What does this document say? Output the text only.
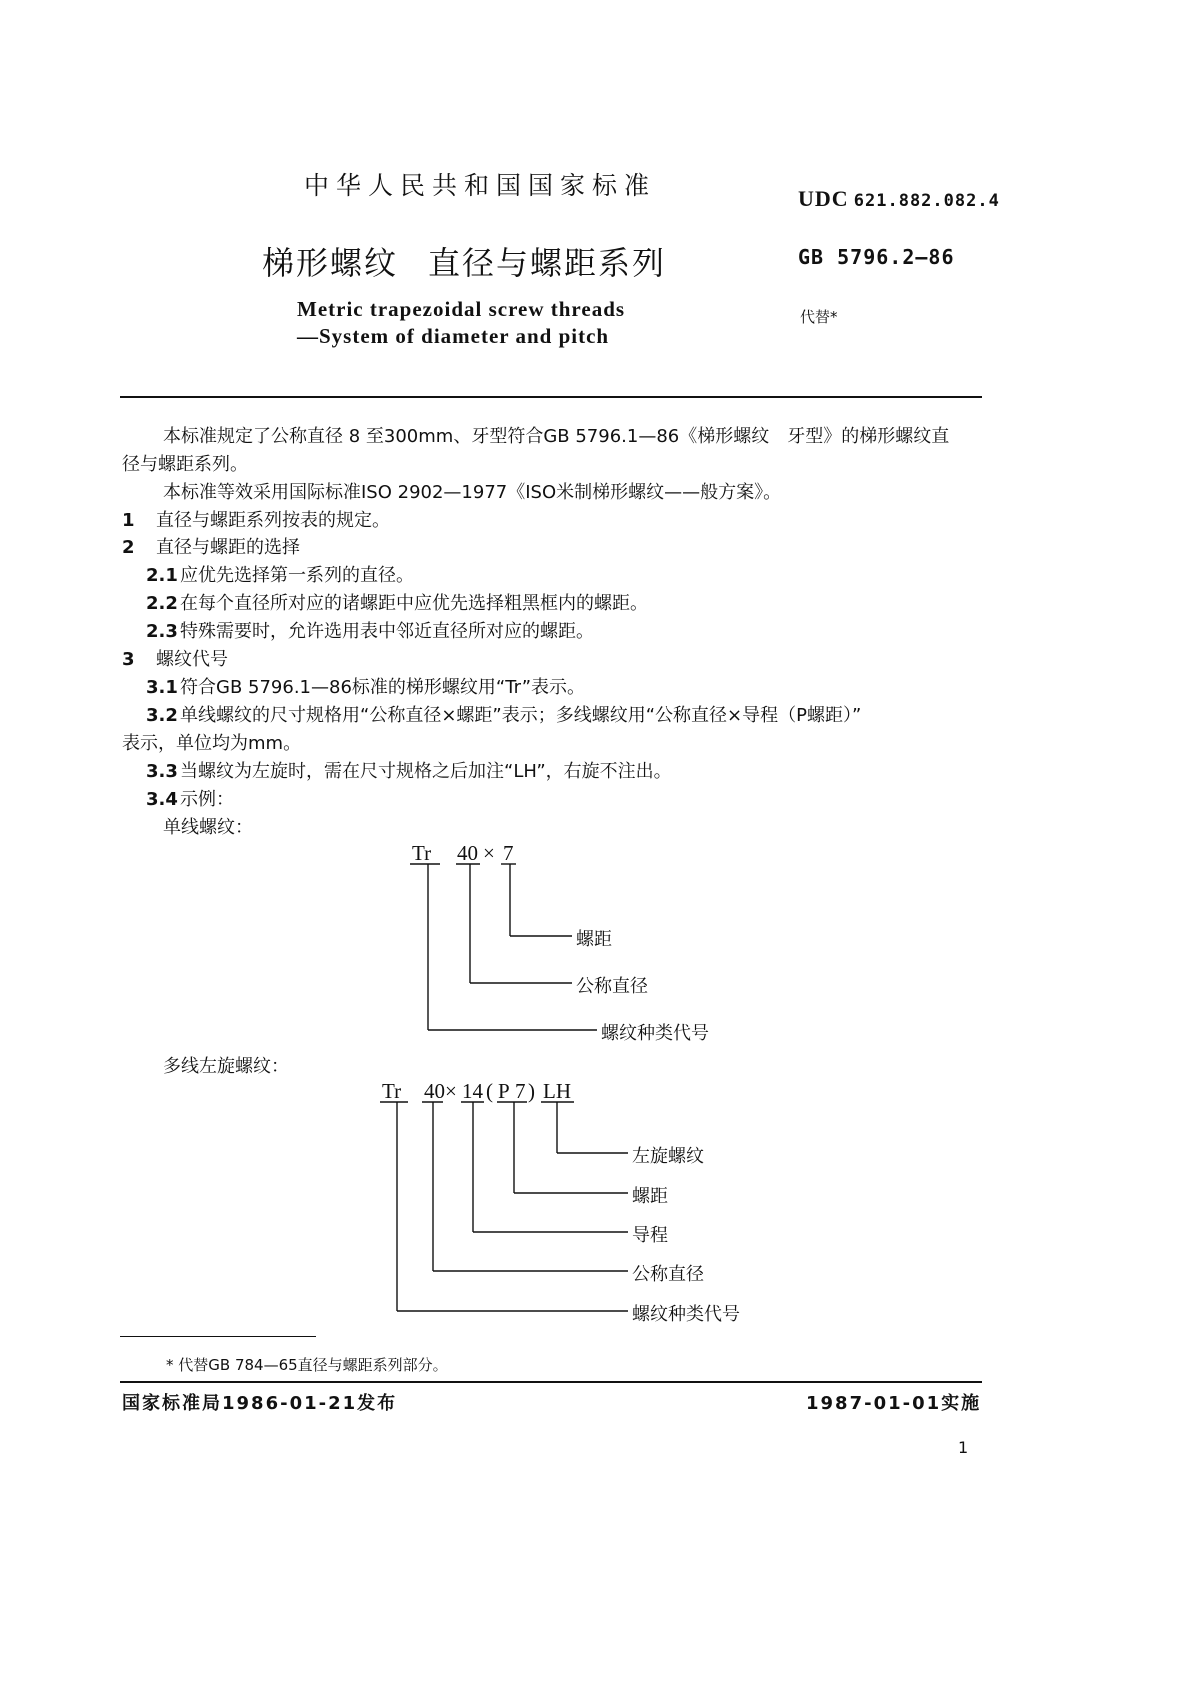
中华人民共和国国家标准	UDC 621.882.082.4
梯形螺纹 直径与螺距系列	GB 5796.2—86
Metric trapezoidal screw threads
—System of diameter and pitch
代替*
本标准规定了公称直径 8 至300mm、牙型符合GB 5796.1—86《梯形螺纹　牙型》的梯形螺纹直
径与螺距系列。
本标准等效采用国际标准ISO 2902—1977《ISO米制梯形螺纹——般方案》。
1 直径与螺距系列按表的规定。
2 直径与螺距的选择
2.1 应优先选择第一系列的直径。
2.2 在每个直径所对应的诸螺距中应优先选择粗黑框内的螺距。
2.3 特殊需要时，允许选用表中邻近直径所对应的螺距。
3 螺纹代号
3.1 符合GB 5796.1—86标准的梯形螺纹用“Tr”表示。
3.2 单线螺纹的尺寸规格用“公称直径×螺距”表示；多线螺纹用“公称直径×导程（P螺距）”
表示，单位均为mm。
3.3 当螺纹为左旋时，需在尺寸规格之后加注“LH”，右旋不注出。
3.4 示例：
单线螺纹：
Tr 40 × 7
螺距
公称直径
螺纹种类代号
多线左旋螺纹：
Tr 40 × 14 ( P 7 ) LH
左旋螺纹
螺距
导程
公称直径
螺纹种类代号
* 代替GB 784—65直径与螺距系列部分。
国家标准局1986-01-21发布	1987-01-01实施
1
